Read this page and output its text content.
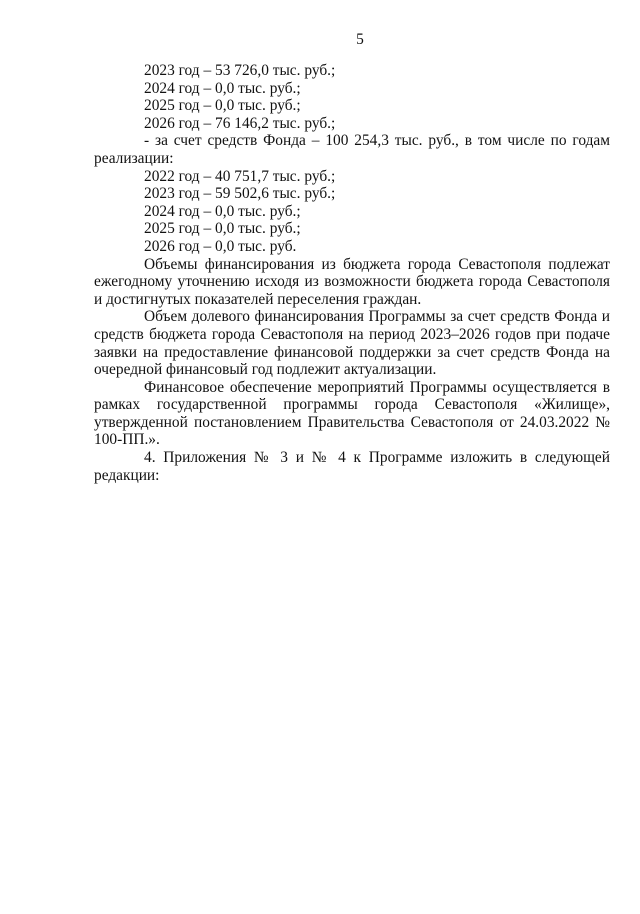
5
2023 год – 53 726,0 тыс. руб.;
2024 год – 0,0 тыс. руб.;
2025 год – 0,0 тыс. руб.;
2026 год – 76 146,2 тыс. руб.;

- за счет средств Фонда – 100 254,3 тыс. руб., в том числе по годам реализации:

2022 год – 40 751,7 тыс. руб.;
2023 год – 59 502,6 тыс. руб.;
2024 год – 0,0 тыс. руб.;
2025 год – 0,0 тыс. руб.;
2026 год – 0,0 тыс. руб.

Объемы финансирования из бюджета города Севастополя подлежат ежегодному уточнению исходя из возможности бюджета города Севастополя и достигнутых показателей переселения граждан.

Объем долевого финансирования Программы за счет средств Фонда и средств бюджета города Севастополя на период 2023–2026 годов при подаче заявки на предоставление финансовой поддержки за счет средств Фонда на очередной финансовый год подлежит актуализации.

Финансовое обеспечение мероприятий Программы осуществляется в рамках государственной программы города Севастополя «Жилище», утвержденной постановлением Правительства Севастополя от 24.03.2022 № 100-ПП.».

4. Приложения № 3 и № 4 к Программе изложить в следующей редакции:
